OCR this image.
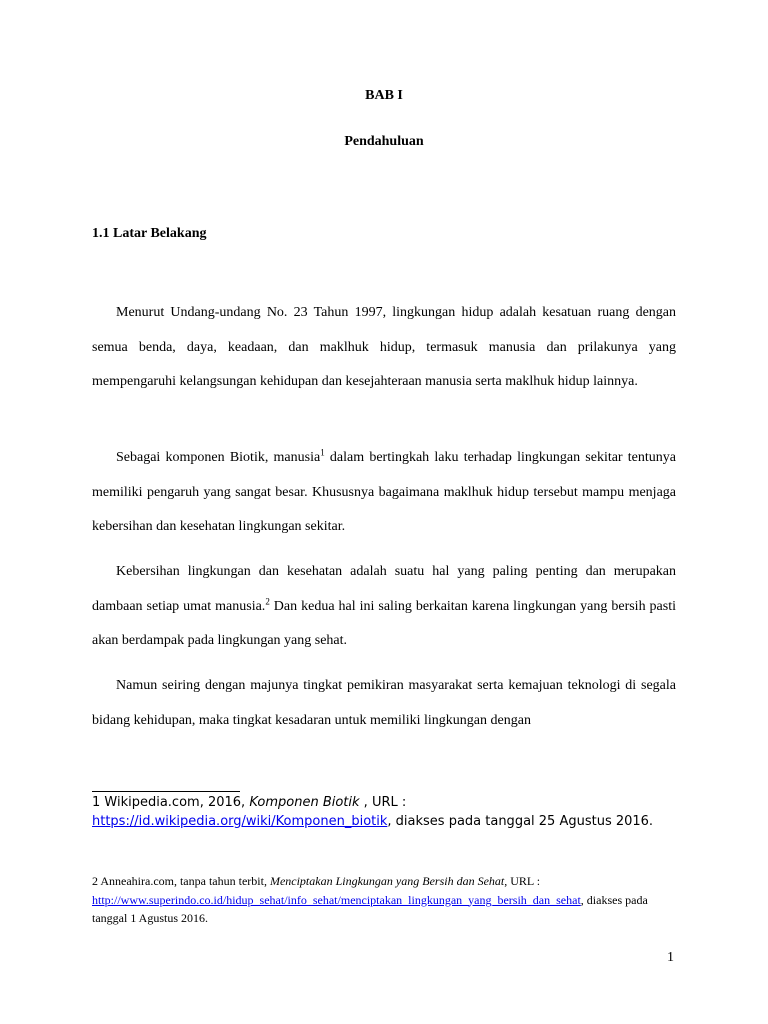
BAB I
Pendahuluan
1.1 Latar Belakang

Menurut Undang-undang No. 23 Tahun 1997, lingkungan hidup adalah kesatuan ruang dengan semua benda, daya, keadaan, dan maklhuk hidup, termasuk manusia dan prilakunya yang mempengaruhi kelangsungan kehidupan dan kesejahteraan manusia serta maklhuk hidup lainnya.

Sebagai komponen Biotik, manusia$^1$ dalam bertingkah laku terhadap lingkungan sekitar tentunya memiliki pengaruh yang sangat besar. Khususnya bagaimana maklhuk hidup tersebut mampu menjaga kebersihan dan kesehatan lingkungan sekitar.

Kebersihan lingkungan dan kesehatan adalah suatu hal yang paling penting dan merupakan dambaan setiap umat manusia.$^2$ Dan kedua hal ini saling berkaitan karena lingkungan yang bersih pasti akan berdampak pada lingkungan yang sehat.

Namun seiring dengan majunya tingkat pemikiran masyarakat serta kemajuan teknologi di segala bidang kehidupan, maka tingkat kesadaran untuk memiliki lingkungan dengan

1 Wikipedia.com, 2016, Komponen Biotik , URL :
https://id.wikipedia.org/wiki/Komponen_biotik, diakses pada tanggal 25 Agustus 2016.

2 Anneahira.com, tanpa tahun terbit, Menciptakan Lingkungan yang Bersih dan Sehat, URL :
http://www.superindo.co.id/hidup_sehat/info_sehat/menciptakan_lingkungan_yang_bersih_dan_sehat, diakses pada tanggal 1 Agustus 2016.

1
